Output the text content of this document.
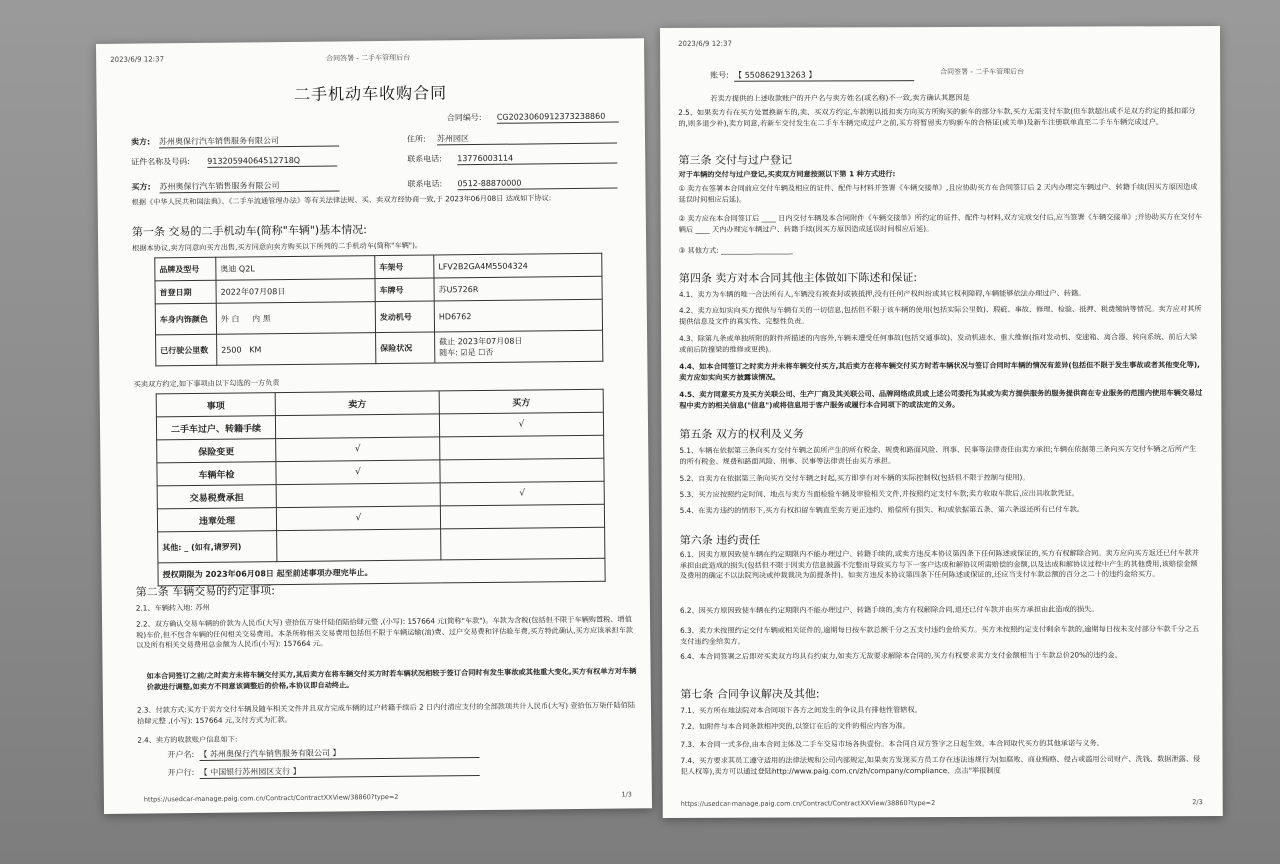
2023/6/9 12:37	合同答署 - 二手车管理后台
二手机动车收购合同
合同编号: CG20230609123732388​60
卖方: 苏州奥保行汽车销售服务有限公司	住所: 苏州园区
证件名称及号码: 91320594064512718Q	联系电话: 13776003114
买方: 苏州奥保行汽车销售服务有限公司	联系电话: 0512-88870000
根据《中华人民共和国法典》、《二手车流通管理办法》等有关法律法规、买、卖双方经协商一致,于 2023年06月08日 达成如下协议:
第一条 交易的二手机动车(简称"车辆")基本情况:
根据本协议,卖方同意向买方出售,买方同意向卖方购买以下所列的二手机动车(简称"车辆")。
品牌及型号	奥迪 Q2L	车架号	LFV2B2GA4M5504324
首登日期	2022年07月08日	车牌号	苏U5726R
车身内饰颜色	外 白 内 黑	发动机号	HD6762
已行驶公里数	2500 KM	保险状况	截止 2023年07月08日
随车: ☑是 ☐否
买卖双方约定,如下事项由以下勾选的一方负责
事项	卖方	买方
二手车过户、转籍手续		√
保险变更	√	
车辆年检	√	
交易税费承担		√
违章处理	√	
其他: _ (如有,请罗列)		
授权期限为 2023年06月08日 起至前述事项办理完毕止。		
第二条 车辆交易的约定事项:
2.1、车辆转入地: 苏州
2.2、双方确认交易车辆的价款为人民币(大写) 壹拾伍万柒仟陆佰陆拾肆元整 ,(小写): 157664 元(简称"车款")。车款为含税(包括但不限于车辆购置税、增值税)车价,但不包含车辆的任何相关交易费用。本条所称相关交易费用包括但不限于车辆运输(油)费、过户交易费和评估验车费,买方特此确认,买方应该承担车款以及所有相关交易费用总金额为人民币(小写): 157664 元。
如本合同签订之前/之时卖方未将车辆交付买方,其后卖方在将车辆交付买方时若车辆状况相较于签订合同时有发生事故或其他重大变化,买方有权单方对车辆价款进行调整,如卖方不同意该调整后的价格,本协议即自动终止。
2.3、付款方式:买方于卖方交付车辆及随车相关文件并且双方完成车辆的过户转籍手续后 2 日内付清应支付的全部款项共计人民币(大写) 壹拾伍万柒仟陆佰陆拾肆元整 ,(小写): 157664 元,支付方式为汇款。
2.4、卖方的收款账户信息如下:
开户名: 【 苏州奥保行汽车销售服务有限公司 】
开户行: 【 中国银行苏州园区支行 】
https://usedcar-manage.paig.com.cn/Contract/ContractXXView/38860?type=2	1/3
2023/6/9 12:37
合同签署 - 二手车管理后台
账号: 【 550862913263 】
若卖方提供的上述收款账户的开户名与卖方姓名(或名称)不一致,卖方确认其愿因是
2.5、如果卖方有在买方处置换新车的,卖、买双方约定,车款刚以抵扣卖方向买方所购买的新车的部分车款,买方无需支付车款(但车款超出或不足双方约定的抵扣部分的,则多退少补),卖方同意,若新车交付发生在二手车车辆完成过户之前,买方将暂留卖方购新车的合格证(或关单)及新车注册联单直至二手车车辆完成过户。
第三条 交付与过户登记
对于车辆的交付与过户登记,买卖双方同意按照以下第 1 种方式进行:
① 卖方在签署本合同前应交付车辆及相应的证件、配件与材料并签署《车辆交接单》,且应协助买方在合同签订后 2 天内办理完车辆过户、转籍手续(因买方原因造成延误时间相应后延)。
② 卖方应在本合同签订后 ____ 日内交付车辆及本合同附件《车辆交接单》所约定的证件、配件与材料,双方完成交付后,应当签署《车辆交接单》;并协助买方在交付车辆后 ____ 天内办理完车辆过户、转籍手续(因买方原因造成延误时间相应后延)。
③ 其他方式: ____________________
第四条 卖方对本合同其他主体做如下陈述和保证:
4.1、卖方为车辆的唯一合法所有人,车辆没有被查封或被抵押,没有任何产权纠纷或其它权利障碍,车辆能够依法办理过户、转籍。
4.2、卖方应如实向买方提供与车辆有关的一切信息,包括但不限于该车辆的使用(包括实际公里数)、瑕疵、事故、修理、检验、抵押、税费缴纳等情况。卖方应对其所提供信息及文件的真实性、完整性负责。
4.3、除第九条或单独所附的附件所描述的内容外,车辆未遭受任何事故(包括交通事故)、发动机进水、重大维修(指对发动机、变速箱、离合器、转向系统、前后大梁或前后防撞梁的维修或更换)。
4.4、如本合同签订之时卖方并未将车辆交付买方,其后卖方在将车辆交付买方时若车辆状况与签订合同时车辆的情况有差异(包括但不限于发生事故或者其他变化等),卖方应如实向买方披露该情况。
4.5、卖方同意买方及买方关联公司、生产厂商及其关联公司、品牌网络成员或上述公司委托为其或为卖方提供服务的服务提供商在专业服务的范围内使用车辆交易过程中卖方的相关信息("信息")或将信息用于客户服务或履行本合同项下的或法定的义务。
第五条 双方的权利及义务
5.1、车辆在依据第三条向买方交付车辆之前所产生的所有税金、规费和路面风险、刑事、民事等法律责任由卖方承担;车辆在依据第三条向买方交付车辆之后所产生的所有税金、规费和路面风险、刑事、民事等法律责任由买方承担。
5.2、自卖方在依据第三条向买方交付车辆之时起,买方即享有对车辆的实际控制权(包括但不限于控制与使用)。
5.3、买方应按照约定时间、地点与卖方当面检验车辆及审验相关文件,并按照约定支付车款;卖方收取车款后,应出具收款凭证。
5.4、在卖方违约的情形下,买方有权扣留车辆直至卖方更正违约、赔偿所有损失、和/或依据第五条、第六条返还所有已付车款。
第六条 违约责任
6.1、因卖方原因致使车辆在约定期限内不能办理过户、转籍手续的,或卖方违反本协议第四条下任何陈述或保证的,买方有权解除合同。卖方应向买方返还已付车款并承担由此造成的损失(包括但不限于因卖方信息披露不完整而导致买方与下一客户达成和解协议所需赔偿的金额,以及达成和解协议过程中产生的其他费用,该赔偿金额及费用的确定不以法院判决或仲裁裁决为前提条件)。如卖方违反本协议第四条下任何陈述或保证的,还应当支付车款总额的百分之二十的违约金给买方。
6.2、因买方原因致使车辆在约定期限内不能办理过户、转籍手续的,卖方有权解除合同,退还已付车款并由买方承担由此造成的损失。
6.3、卖方未按照约定交付车辆或相关证件的,逾期每日按车款总额千分之五支付违约金给买方。买方未按照约定支付剩余车款的,逾期每日按未支付部分车款千分之五支付违约金给卖方。
6.4、本合同签署之后即对买卖双方均具有约束力,如卖方无故要求解除本合同的,买方有权要求卖方支付金额相当于车款总价20%的违约金。
第七条 合同争议解决及其他:
7.1、买方所在地法院对本合同项下各方之间发生的争议具有排他性管辖权。
7.2、如附件与本合同条款相冲突的,以签订在后的文件的相应内容为准。
7.3、本合同一式多份,由本合同主体及二手车交易市场各执壹份。本合同自双方签字之日起生效。本合同取代买方的其他承诺与义务。
7.4、买方要求其员工遵守适用的法律法规和公司内部规定,如果卖方发现买方员工存在违法违规行为(如腐败、商业贿赂、侵占或滥用公司财产、洗钱、数据泄露、侵犯人权等),卖方可以通过登陆http://www.paig.com.cn/zh/company/compliance、点击"举报制度
https://usedcar-manage.paig.com.cn/Contract/ContractXXView/38860?type=2	2/3
